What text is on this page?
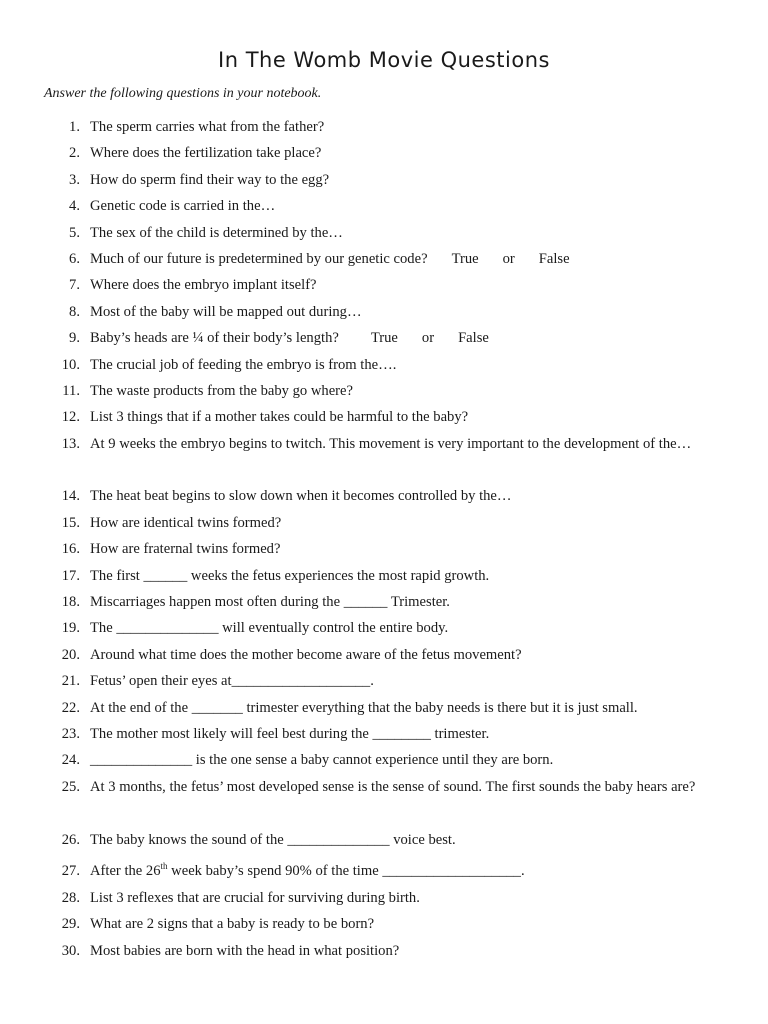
In The Womb Movie Questions
Answer the following questions in your notebook.
1. The sperm carries what from the father?
2. Where does the fertilization take place?
3. How do sperm find their way to the egg?
4. Genetic code is carried in the…
5. The sex of the child is determined by the…
6. Much of our future is predetermined by our genetic code? True or False
7. Where does the embryo implant itself?
8. Most of the baby will be mapped out during…
9. Baby’s heads are ¼ of their body’s length? True or False
10. The crucial job of feeding the embryo is from the….
11. The waste products from the baby go where?
12. List 3 things that if a mother takes could be harmful to the baby?
13. At 9 weeks the embryo begins to twitch. This movement is very important to the development of the…
14. The heat beat begins to slow down when it becomes controlled by the…
15. How are identical twins formed?
16. How are fraternal twins formed?
17. The first ______ weeks the fetus experiences the most rapid growth.
18. Miscarriages happen most often during the ______ Trimester.
19. The ______________ will eventually control the entire body.
20. Around what time does the mother become aware of the fetus movement?
21. Fetus’ open their eyes at___________________.
22. At the end of the _______ trimester everything that the baby needs is there but it is just small.
23. The mother most likely will feel best during the ________ trimester.
24. ______________ is the one sense a baby cannot experience until they are born.
25. At 3 months, the fetus’ most developed sense is the sense of sound. The first sounds the baby hears are?
26. The baby knows the sound of the ______________ voice best.
27. After the 26th week baby’s spend 90% of the time ___________________.
28. List 3 reflexes that are crucial for surviving during birth.
29. What are 2 signs that a baby is ready to be born?
30. Most babies are born with the head in what position?
